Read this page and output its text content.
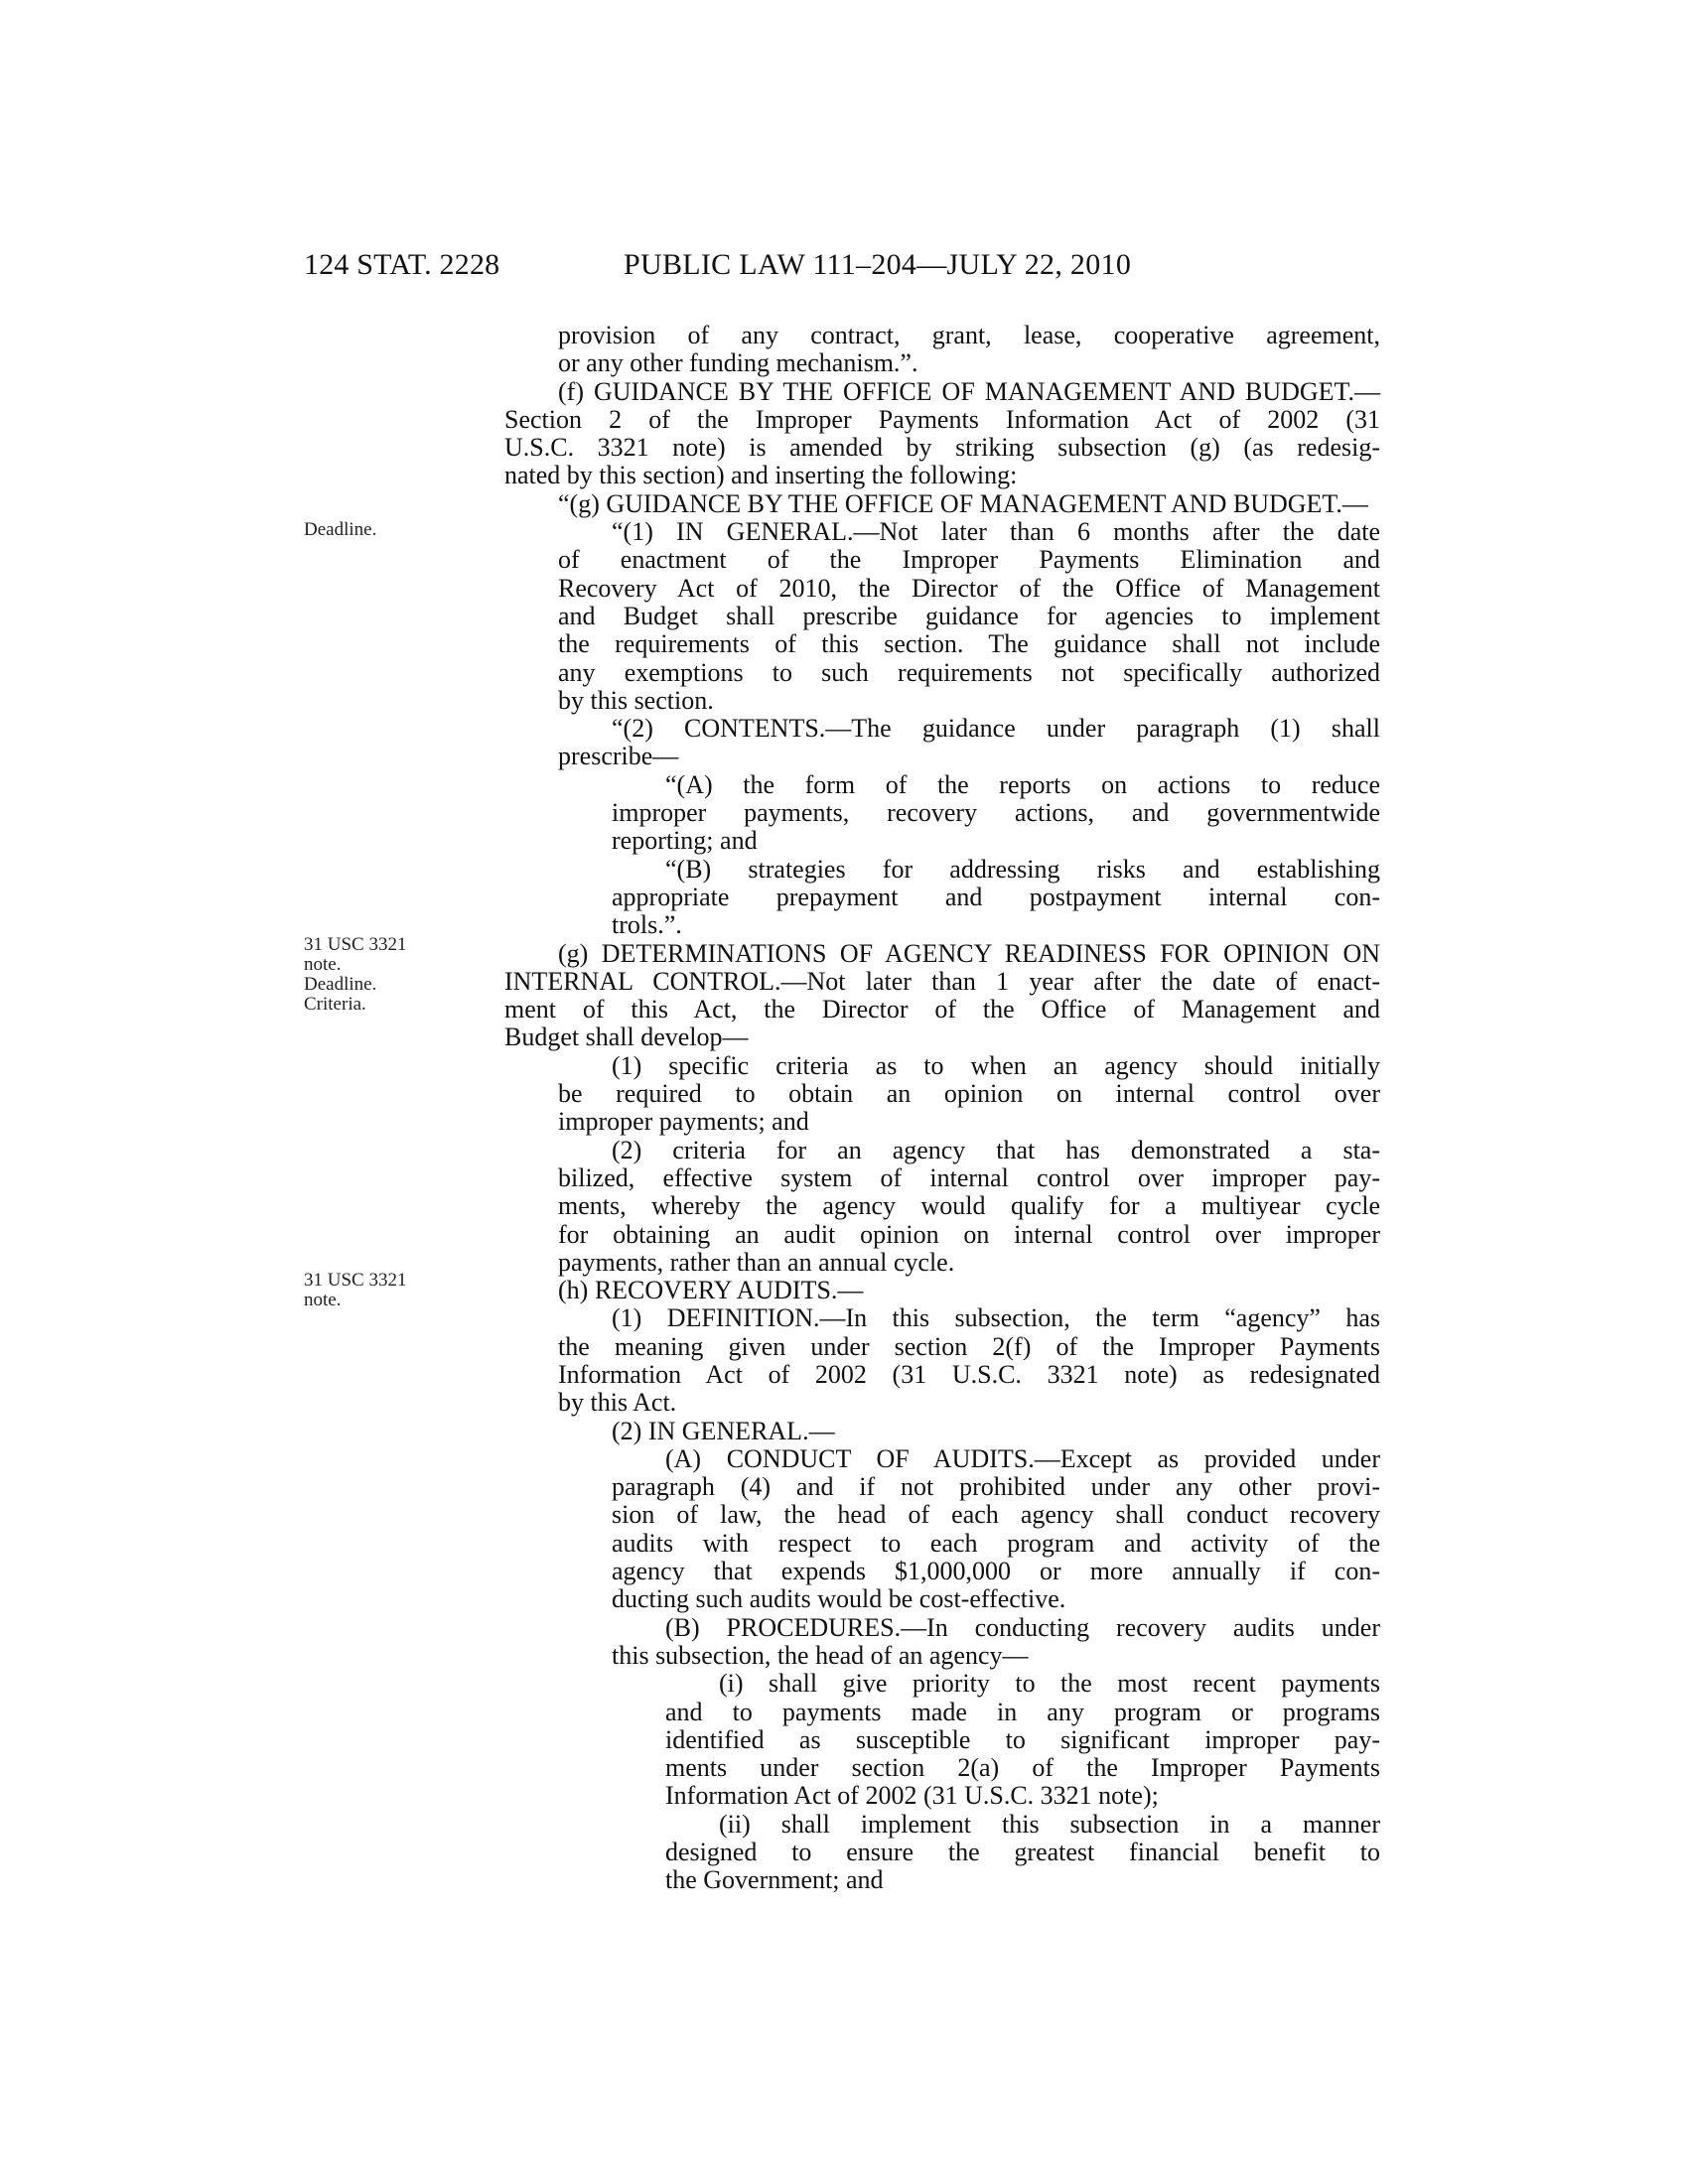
124 STAT. 2228	PUBLIC LAW 111–204—JULY 22, 2010
Deadline.
31 USC 3321
note.
Deadline.
Criteria.
31 USC 3321
note.
provision of any contract, grant, lease, cooperative agreement,
or any other funding mechanism.”.
(f) GUIDANCE BY THE OFFICE OF MANAGEMENT AND BUDGET.—
Section 2 of the Improper Payments Information Act of 2002 (31
U.S.C. 3321 note) is amended by striking subsection (g) (as redesig-
nated by this section) and inserting the following:
“(g) GUIDANCE BY THE OFFICE OF MANAGEMENT AND BUDGET.—
“(1) IN GENERAL.—Not later than 6 months after the date
of enactment of the Improper Payments Elimination and
Recovery Act of 2010, the Director of the Office of Management
and Budget shall prescribe guidance for agencies to implement
the requirements of this section. The guidance shall not include
any exemptions to such requirements not specifically authorized
by this section.
“(2) CONTENTS.—The guidance under paragraph (1) shall
prescribe—
“(A) the form of the reports on actions to reduce
improper payments, recovery actions, and governmentwide
reporting; and
“(B) strategies for addressing risks and establishing
appropriate prepayment and postpayment internal con-
trols.”.
(g) DETERMINATIONS OF AGENCY READINESS FOR OPINION ON
INTERNAL CONTROL.—Not later than 1 year after the date of enact-
ment of this Act, the Director of the Office of Management and
Budget shall develop—
(1) specific criteria as to when an agency should initially
be required to obtain an opinion on internal control over
improper payments; and
(2) criteria for an agency that has demonstrated a sta-
bilized, effective system of internal control over improper pay-
ments, whereby the agency would qualify for a multiyear cycle
for obtaining an audit opinion on internal control over improper
payments, rather than an annual cycle.
(h) RECOVERY AUDITS.—
(1) DEFINITION.—In this subsection, the term “agency” has
the meaning given under section 2(f) of the Improper Payments
Information Act of 2002 (31 U.S.C. 3321 note) as redesignated
by this Act.
(2) IN GENERAL.—
(A) CONDUCT OF AUDITS.—Except as provided under
paragraph (4) and if not prohibited under any other provi-
sion of law, the head of each agency shall conduct recovery
audits with respect to each program and activity of the
agency that expends $1,000,000 or more annually if con-
ducting such audits would be cost-effective.
(B) PROCEDURES.—In conducting recovery audits under
this subsection, the head of an agency—
(i) shall give priority to the most recent payments
and to payments made in any program or programs
identified as susceptible to significant improper pay-
ments under section 2(a) of the Improper Payments
Information Act of 2002 (31 U.S.C. 3321 note);
(ii) shall implement this subsection in a manner
designed to ensure the greatest financial benefit to
the Government; and
